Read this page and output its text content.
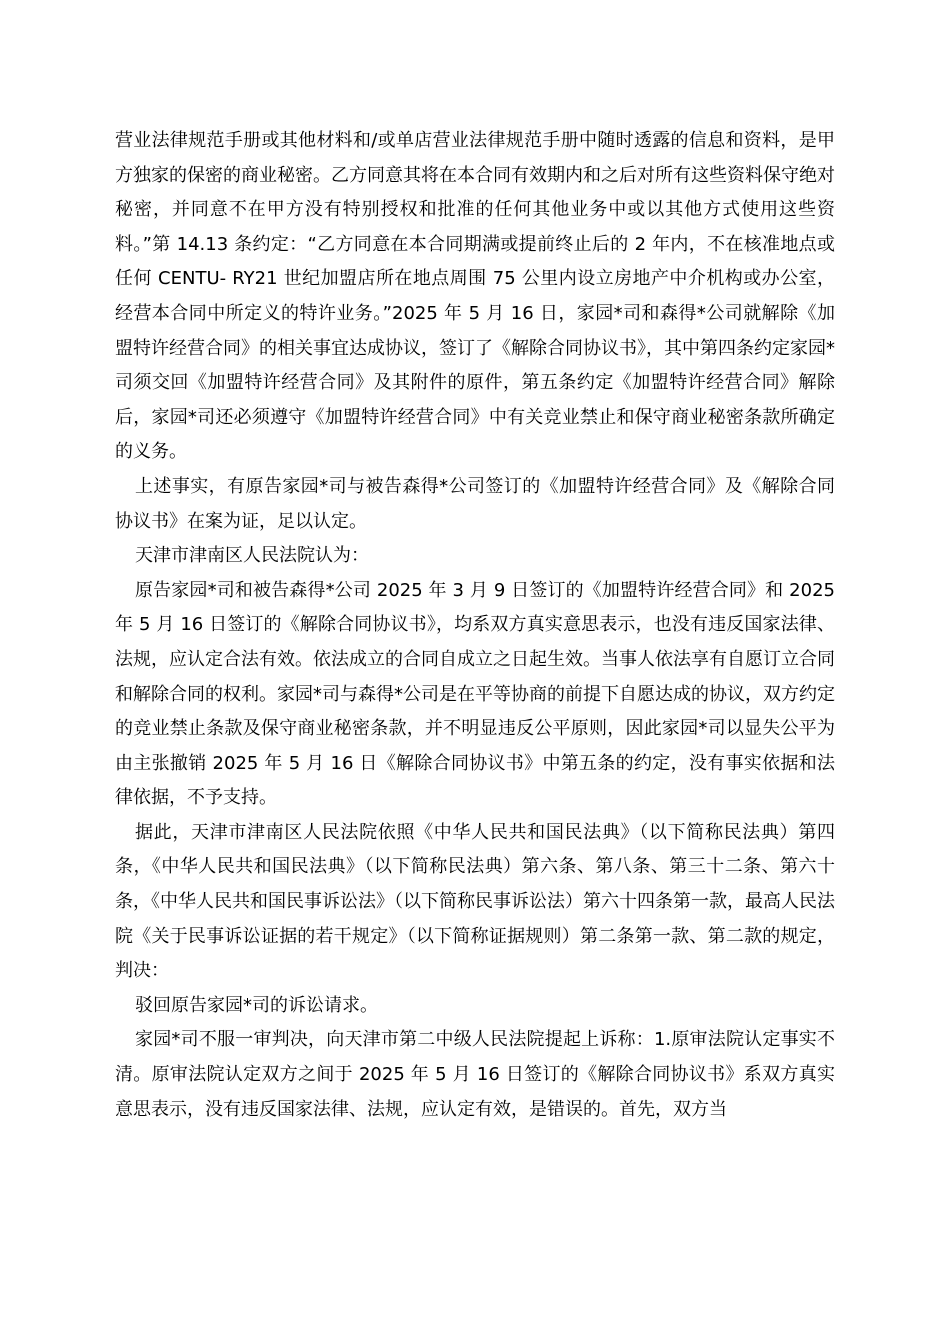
营业法律规范手册或其他材料和/或单店营业法律规范手册中随时透露的信息和资料，是甲方独家的保密的商业秘密。乙方同意其将在本合同有效期内和之后对所有这些资料保守绝对秘密，并同意不在甲方没有特别授权和批准的任何其他业务中或以其他方式使用这些资料。”第 14.13 条约定：“乙方同意在本合同期满或提前终止后的 2 年内，不在核准地点或任何 CENTU- RY21 世纪加盟店所在地点周围 75 公里内设立房地产中介机构或办公室，经营本合同中所定义的特许业务。”2025 年 5 月 16 日，家园*司和森得*公司就解除《加盟特许经营合同》的相关事宜达成协议，签订了《解除合同协议书》，其中第四条约定家园*司须交回《加盟特许经营合同》及其附件的原件，第五条约定《加盟特许经营合同》解除后，家园*司还必须遵守《加盟特许经营合同》中有关竞业禁止和保守商业秘密条款所确定的义务。

上述事实，有原告家园*司与被告森得*公司签订的《加盟特许经营合同》及《解除合同协议书》在案为证，足以认定。

天津市津南区人民法院认为：

原告家园*司和被告森得*公司 2025 年 3 月 9 日签订的《加盟特许经营合同》和 2025 年 5 月 16 日签订的《解除合同协议书》，均系双方真实意思表示，也没有违反国家法律、法规，应认定合法有效。依法成立的合同自成立之日起生效。当事人依法享有自愿订立合同和解除合同的权利。家园*司与森得*公司是在平等协商的前提下自愿达成的协议，双方约定的竞业禁止条款及保守商业秘密条款，并不明显违反公平原则，因此家园*司以显失公平为由主张撤销 2025 年 5 月 16 日《解除合同协议书》中第五条的约定，没有事实依据和法律依据，不予支持。

据此，天津市津南区人民法院依照《中华人民共和国民法典》（以下简称民法典）第四条，《中华人民共和国民法典》（以下简称民法典）第六条、第八条、第三十二条、第六十条，《中华人民共和国民事诉讼法》（以下简称民事诉讼法）第六十四条第一款，最高人民法院《关于民事诉讼证据的若干规定》（以下简称证据规则）第二条第一款、第二款的规定，判决：

驳回原告家园*司的诉讼请求。

家园*司不服一审判决，向天津市第二中级人民法院提起上诉称：1.原审法院认定事实不清。原审法院认定双方之间于 2025 年 5 月 16 日签订的《解除合同协议书》系双方真实意思表示，没有违反国家法律、法规，应认定有效，是错误的。首先，双方当
